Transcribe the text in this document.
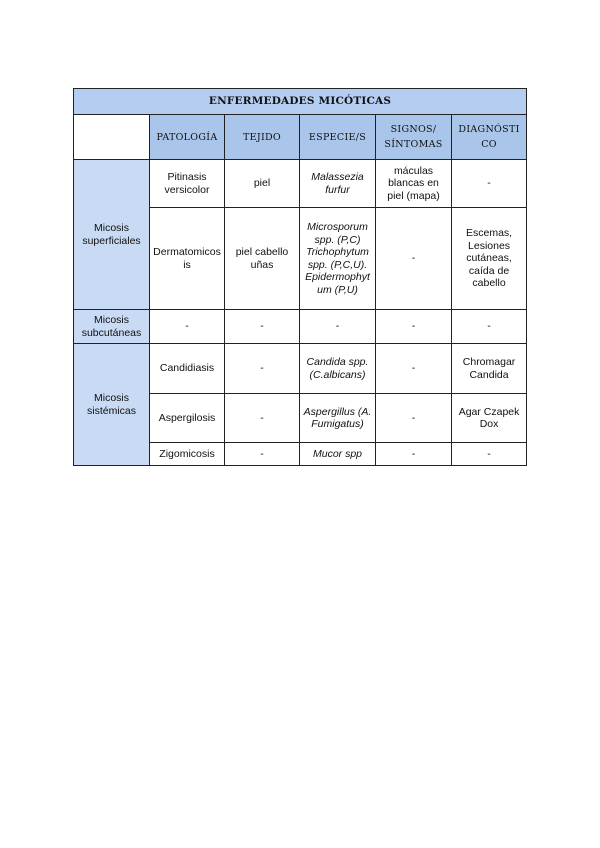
ENFERMEDADES MICÓTICAS					
	PATOLOGÍA	TEJIDO	ESPECIE/S	SIGNOS/ SÍNTOMAS	DIAGNÓSTICO
Micosis superficiales	Pitinasis versicolor	piel	Malassezia furfur	máculas blancas en piel (mapa)	-
	Dermatomicosis	piel cabello uñas	Microsporum spp. (P,C) Trichophytum spp. (P,C,U). Epidermophytum (P,U)	-	Escemas, Lesiones cutáneas, caída de cabello
Micosis subcutáneas	-	-	-	-	-
Micosis sistémicas	Candidiasis	-	Candida spp. (C.albicans)	-	Chromagar Candida
	Aspergilosis	-	Aspergillus (A. Fumigatus)	-	Agar Czapek Dox
	Zigomicosis	-	Mucor spp	-	-
